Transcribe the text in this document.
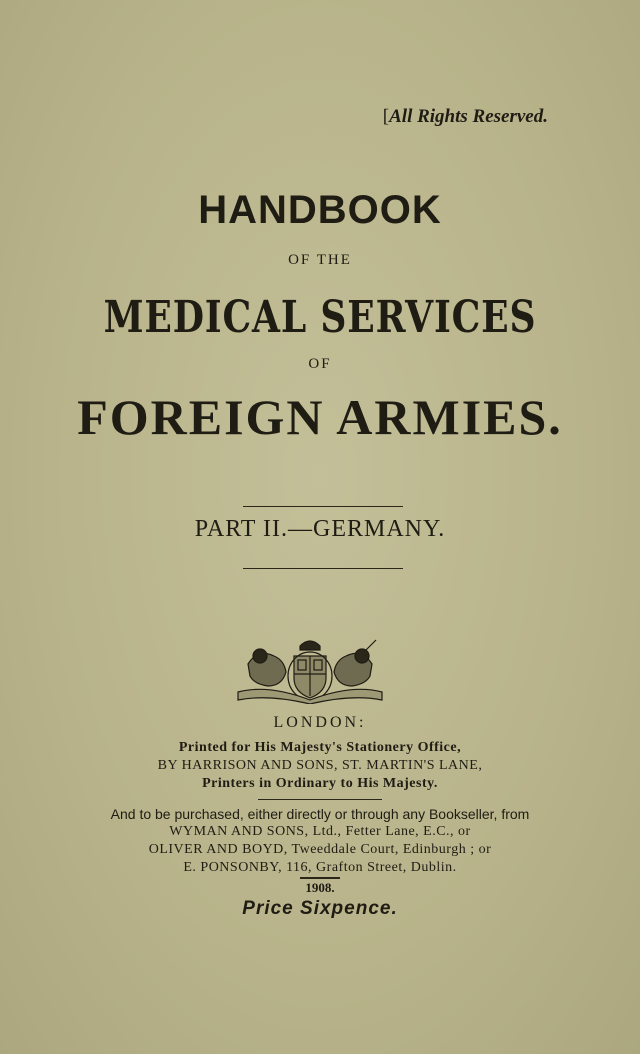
[All Rights Reserved.
HANDBOOK
OF THE
MEDICAL SERVICES
OF
FOREIGN ARMIES.
PART II.—GERMANY.
LONDON:
Printed for His Majesty's Stationery Office,
BY HARRISON AND SONS, ST. MARTIN'S LANE,
Printers in Ordinary to His Majesty.
And to be purchased, either directly or through any Bookseller, from
WYMAN AND SONS, Ltd., Fetter Lane, E.C., or
OLIVER AND BOYD, Tweeddale Court, Edinburgh ; or
E. PONSONBY, 116, Grafton Street, Dublin.
1908.
Price Sixpence.
